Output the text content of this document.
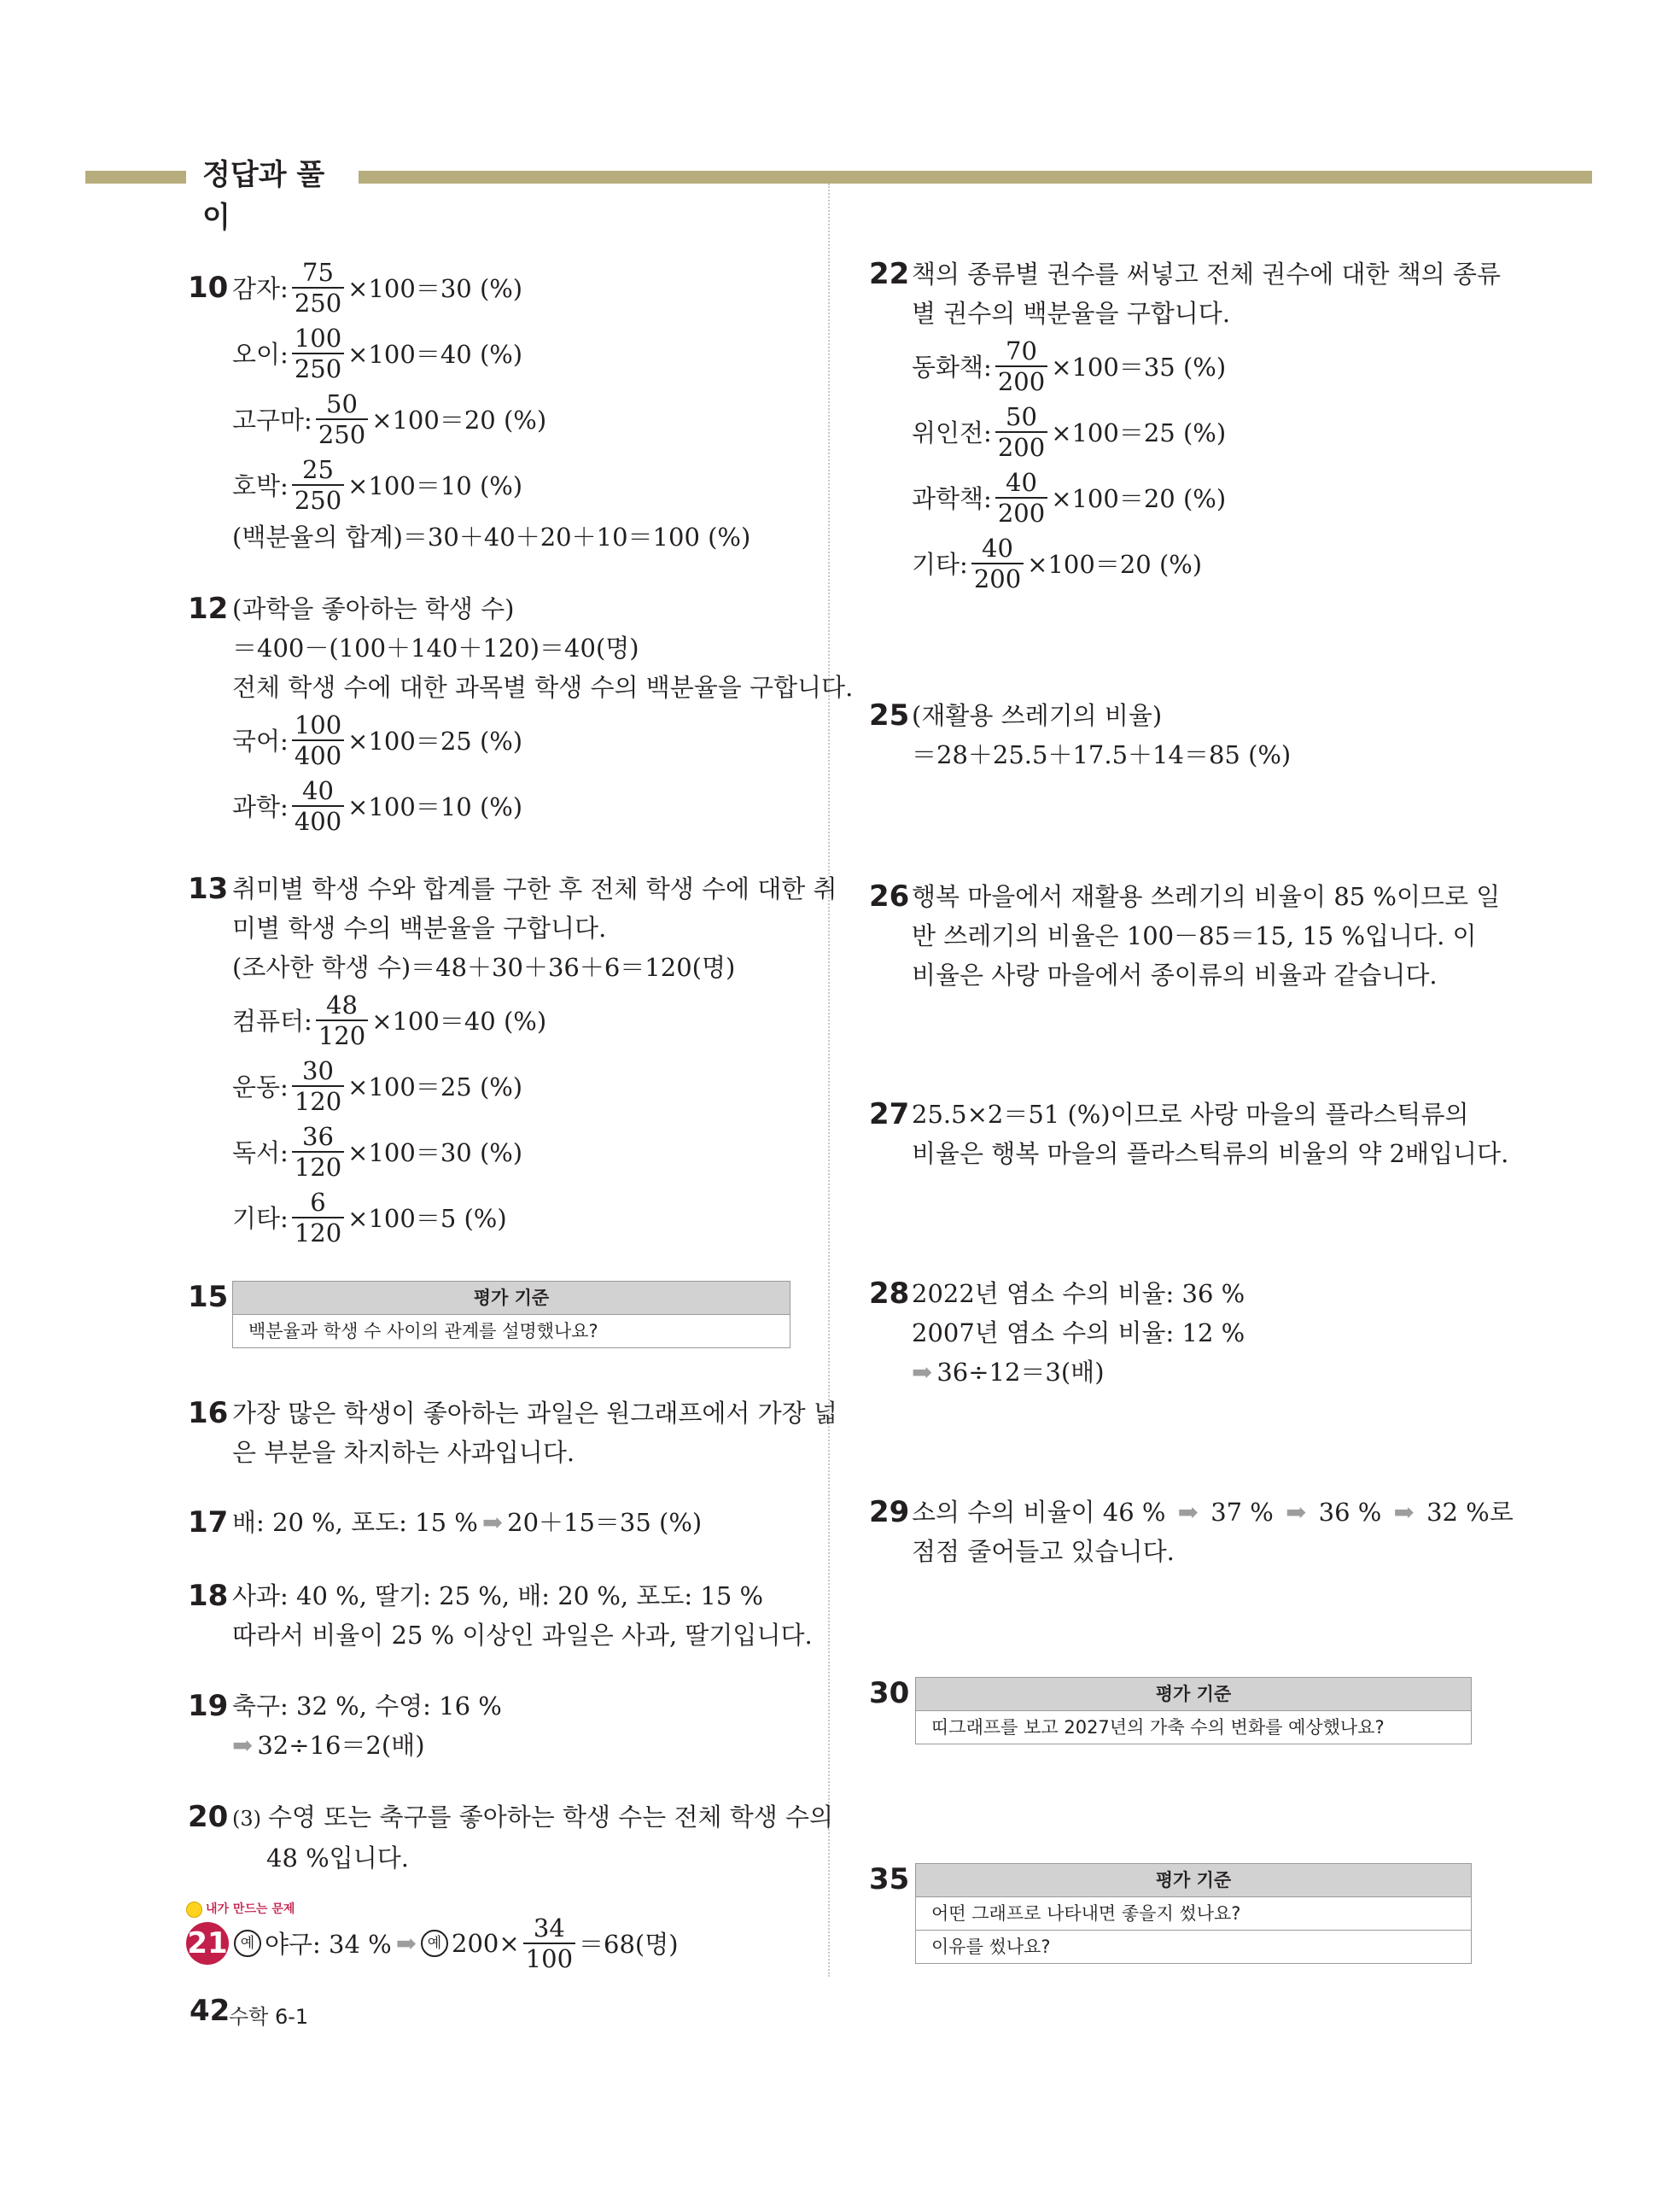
정답과 풀이
10 감자: $\frac{75}{250} \times 100=30$ (%)
오이: $\frac{100}{250} \times 100=40$ (%)
고구마: $\frac{50}{250} \times 100=20$ (%)
호박: $\frac{25}{250} \times 100=10$ (%)
(백분율의 합계)＝30＋40＋20＋10＝100 (%)
12 (과학을 좋아하는 학생 수)
＝400－(100＋140＋120)＝40(명)
전체 학생 수에 대한 과목별 학생 수의 백분율을 구합니다.
국어: $\frac{100}{400} \times 100=25$ (%)
과학: $\frac{40}{400} \times 100=10$ (%)
13 취미별 학생 수와 합계를 구한 후 전체 학생 수에 대한 취
미별 학생 수의 백분율을 구합니다.
(조사한 학생 수)＝48＋30＋36＋6＝120(명)
컴퓨터: $\frac{48}{120} \times 100=40$ (%)
운동: $\frac{30}{120} \times 100=25$ (%)
독서: $\frac{36}{120} \times 100=30$ (%)
기타: $\frac{6}{120} \times 100=5$ (%)
15	평가 기준
백분율과 학생 수 사이의 관계를 설명했나요?
16 가장 많은 학생이 좋아하는 과일은 원그래프에서 가장 넓
은 부분을 차지하는 사과입니다.
17 배: 20 %, 포도: 15 % ➡ 20＋15＝35 (%)
18 사과: 40 %, 딸기: 25 %, 배: 20 %, 포도: 15 %
따라서 비율이 25 % 이상인 과일은 사과, 딸기입니다.
19 축구: 32 %, 수영: 16 %
➡ 32÷16＝2(배)
20 (3) 수영 또는 축구를 좋아하는 학생 수는 전체 학생 수의
48 %입니다.
내가 만드는 문제
21 예 야구: 34 % ➡ 예 $200\times \frac{34}{100} =68$(명)
22 책의 종류별 권수를 써넣고 전체 권수에 대한 책의 종류
별 권수의 백분율을 구합니다.
동화책: $\frac{70}{200} \times 100=35$ (%)
위인전: $\frac{50}{200} \times 100=25$ (%)
과학책: $\frac{40}{200} \times 100=20$ (%)
기타: $\frac{40}{200} \times 100=20$ (%)
25 (재활용 쓰레기의 비율)
＝28＋25.5＋17.5＋14＝85 (%)
26 행복 마을에서 재활용 쓰레기의 비율이 85 %이므로 일
반 쓰레기의 비율은 100－85＝15, 15 %입니다. 이
비율은 사랑 마을에서 종이류의 비율과 같습니다.
27 25.5×2＝51 (%)이므로 사랑 마을의 플라스틱류의
비율은 행복 마을의 플라스틱류의 비율의 약 2배입니다.
28 2022년 염소 수의 비율: 36 %
2007년 염소 수의 비율: 12 %
➡ 36÷12＝3(배)
29 소의 수의 비율이 46 % ➡ 37 % ➡ 36 % ➡ 32 %로
점점 줄어들고 있습니다.
30	평가 기준
띠그래프를 보고 2027년의 가축 수의 변화를 예상했나요?
35	평가 기준
어떤 그래프로 나타내면 좋을지 썼나요?
이유를 썼나요?
42
수학 6-1
